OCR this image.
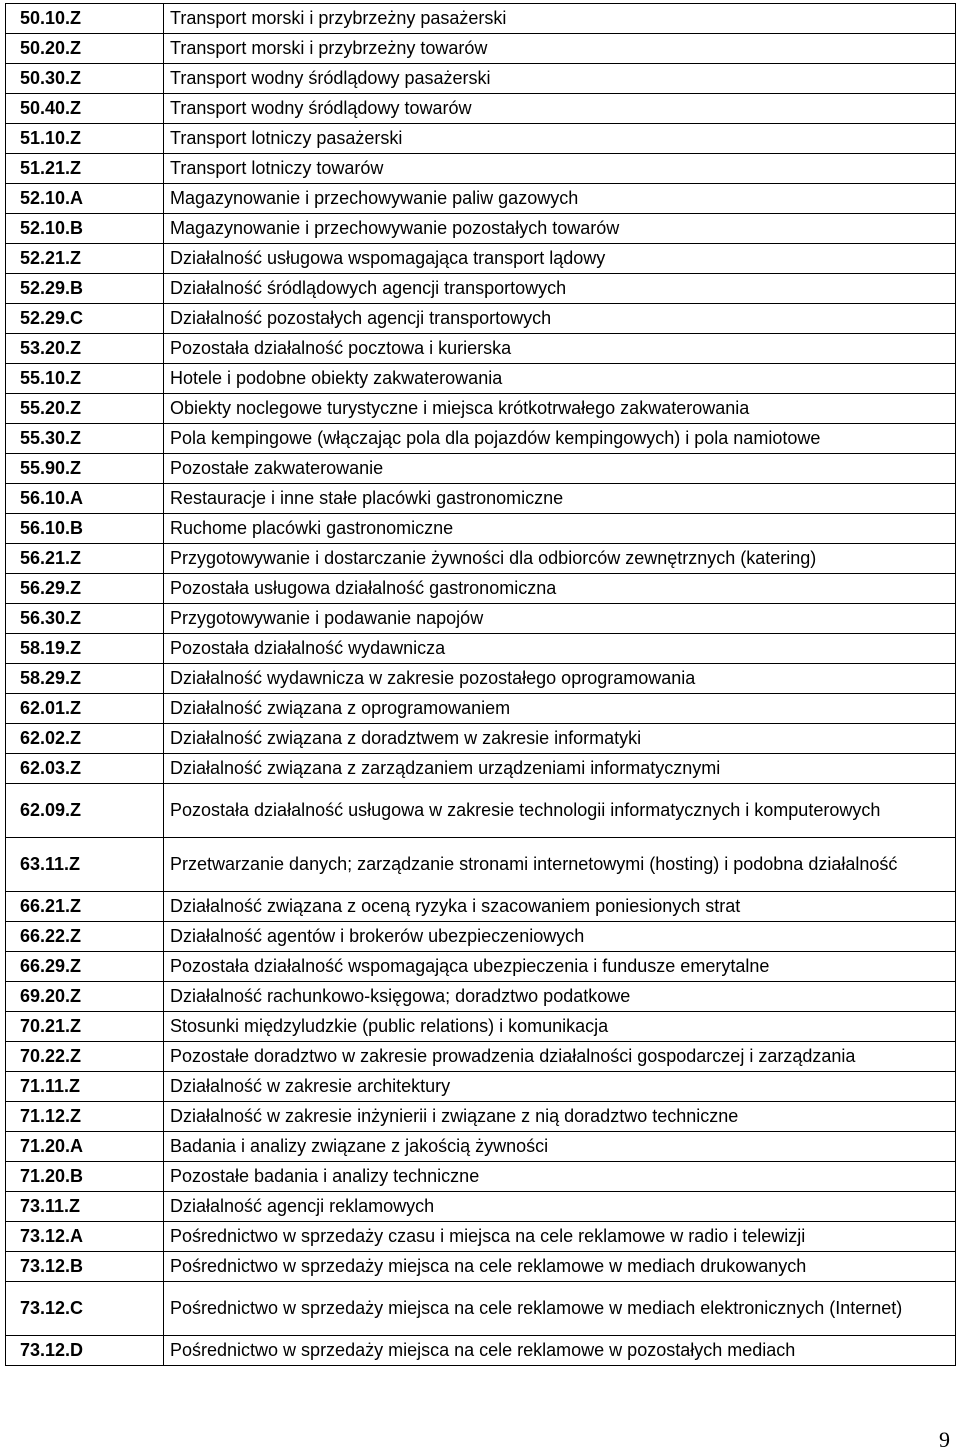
50.10.Z	Transport morski i przybrzeżny pasażerski
50.20.Z	Transport morski i przybrzeżny towarów
50.30.Z	Transport wodny śródlądowy pasażerski
50.40.Z	Transport wodny śródlądowy towarów
51.10.Z	Transport lotniczy pasażerski
51.21.Z	Transport lotniczy towarów
52.10.A	Magazynowanie i przechowywanie paliw gazowych
52.10.B	Magazynowanie i przechowywanie pozostałych towarów
52.21.Z	Działalność usługowa wspomagająca transport lądowy
52.29.B	Działalność śródlądowych agencji transportowych
52.29.C	Działalność pozostałych agencji transportowych
53.20.Z	Pozostała działalność pocztowa i kurierska
55.10.Z	Hotele i podobne obiekty zakwaterowania
55.20.Z	Obiekty noclegowe turystyczne i miejsca krótkotrwałego zakwaterowania
55.30.Z	Pola kempingowe (włączając pola dla pojazdów kempingowych) i pola namiotowe
55.90.Z	Pozostałe zakwaterowanie
56.10.A	Restauracje i inne stałe placówki gastronomiczne
56.10.B	Ruchome placówki gastronomiczne
56.21.Z	Przygotowywanie i dostarczanie żywności dla odbiorców zewnętrznych (katering)
56.29.Z	Pozostała usługowa działalność gastronomiczna
56.30.Z	Przygotowywanie i podawanie napojów
58.19.Z	Pozostała działalność wydawnicza
58.29.Z	Działalność wydawnicza w zakresie pozostałego oprogramowania
62.01.Z	Działalność związana z oprogramowaniem
62.02.Z	Działalność związana z doradztwem w zakresie informatyki
62.03.Z	Działalność związana z zarządzaniem urządzeniami informatycznymi
62.09.Z	Pozostała działalność usługowa w zakresie technologii informatycznych i komputerowych
63.11.Z	Przetwarzanie danych; zarządzanie stronami internetowymi (hosting) i podobna działalność
66.21.Z	Działalność związana z oceną ryzyka i szacowaniem poniesionych strat
66.22.Z	Działalność agentów i brokerów ubezpieczeniowych
66.29.Z	Pozostała działalność wspomagająca ubezpieczenia i fundusze emerytalne
69.20.Z	Działalność rachunkowo-księgowa; doradztwo podatkowe
70.21.Z	Stosunki międzyludzkie (public relations) i komunikacja
70.22.Z	Pozostałe doradztwo w zakresie prowadzenia działalności gospodarczej i zarządzania
71.11.Z	Działalność w zakresie architektury
71.12.Z	Działalność w zakresie inżynierii i związane z nią doradztwo techniczne
71.20.A	Badania i analizy związane z jakością żywności
71.20.B	Pozostałe badania i analizy techniczne
73.11.Z	Działalność agencji reklamowych
73.12.A	Pośrednictwo w sprzedaży czasu i miejsca na cele reklamowe w radio i telewizji
73.12.B	Pośrednictwo w sprzedaży miejsca na cele reklamowe w mediach drukowanych
73.12.C	Pośrednictwo w sprzedaży miejsca na cele reklamowe w mediach elektronicznych (Internet)
73.12.D	Pośrednictwo w sprzedaży miejsca na cele reklamowe w pozostałych mediach
9
